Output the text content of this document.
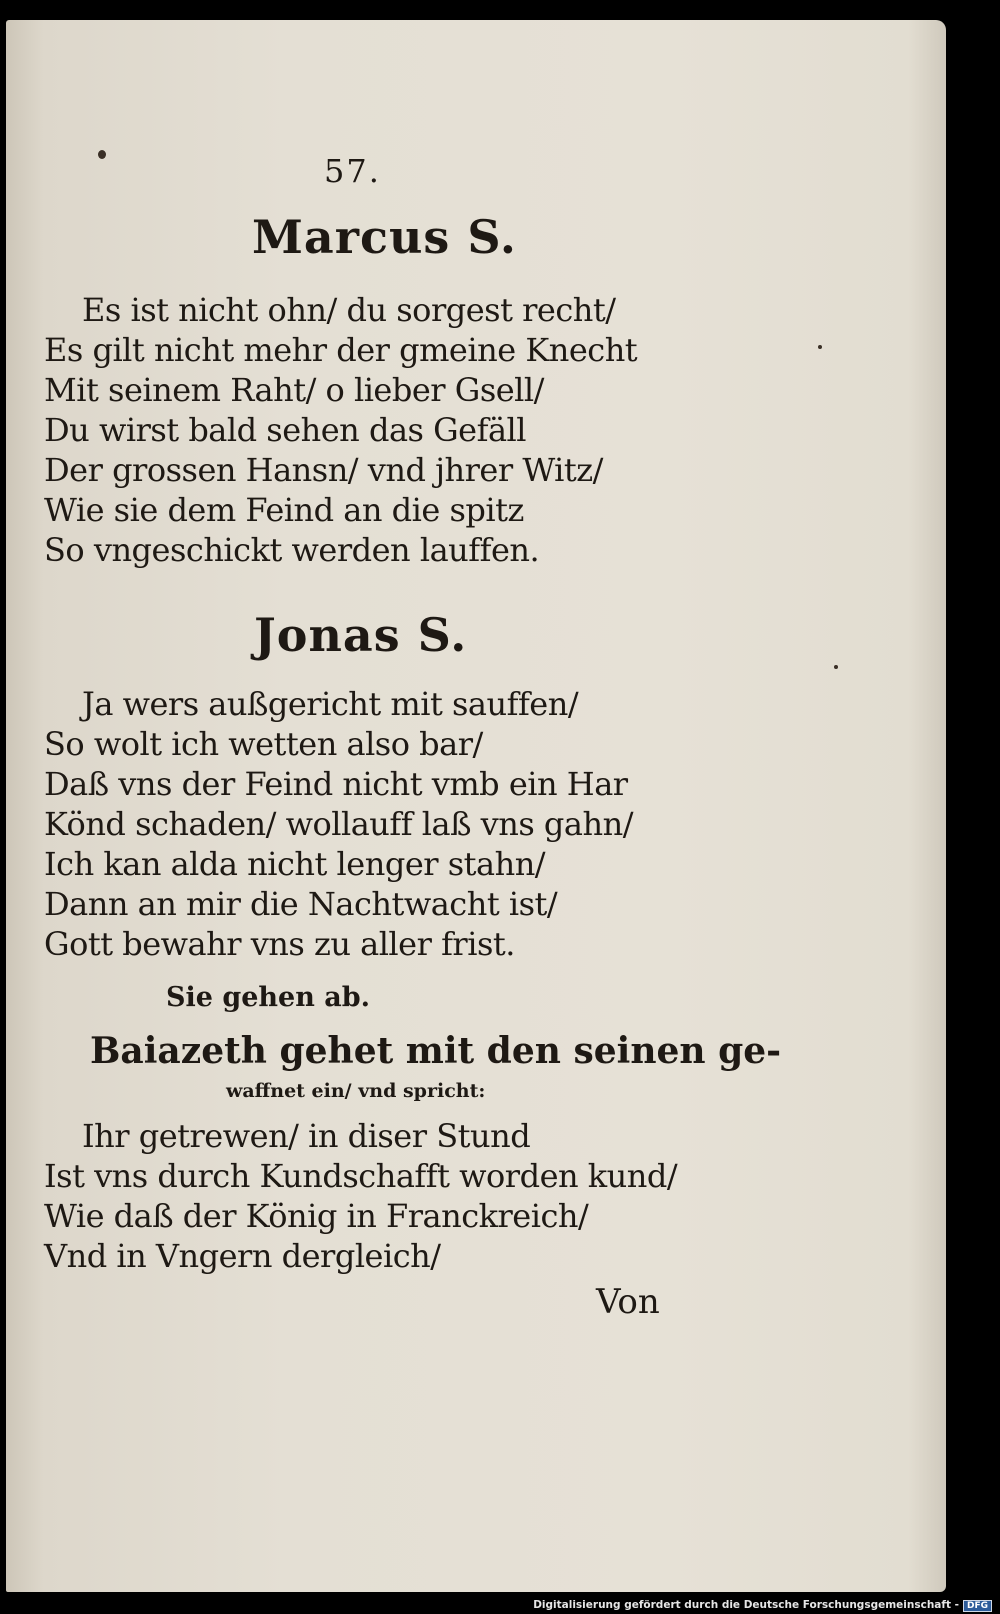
57.
Marcus S.
Es ist nicht ohn/ du sorgest recht/
Es gilt nicht mehr der gmeine Knecht
Mit seinem Raht/ o lieber Gsell/
Du wirst bald sehen das Gefäll
Der grossen Hansn/ vnd jhrer Witz/
Wie sie dem Feind an die spitz
So vngeschickt werden lauffen.
Jonas S.
Ja wers außgericht mit sauffen/
So wolt ich wetten also bar/
Daß vns der Feind nicht vmb ein Har
Könd schaden/ wollauff laß vns gahn/
Ich kan alda nicht lenger stahn/
Dann an mir die Nachtwacht ist/
Gott bewahr vns zu aller frist.
Sie gehen ab.
Baiazeth gehet mit den seinen ge-
waffnet ein/ vnd spricht:
Ihr getrewen/ in diser Stund
Ist vns durch Kundschafft worden kund/
Wie daß der König in Franckreich/
Vnd in Vngern dergleich/
Von
Digitalisierung gefördert durch die Deutsche Forschungsgemeinschaft - DFG
